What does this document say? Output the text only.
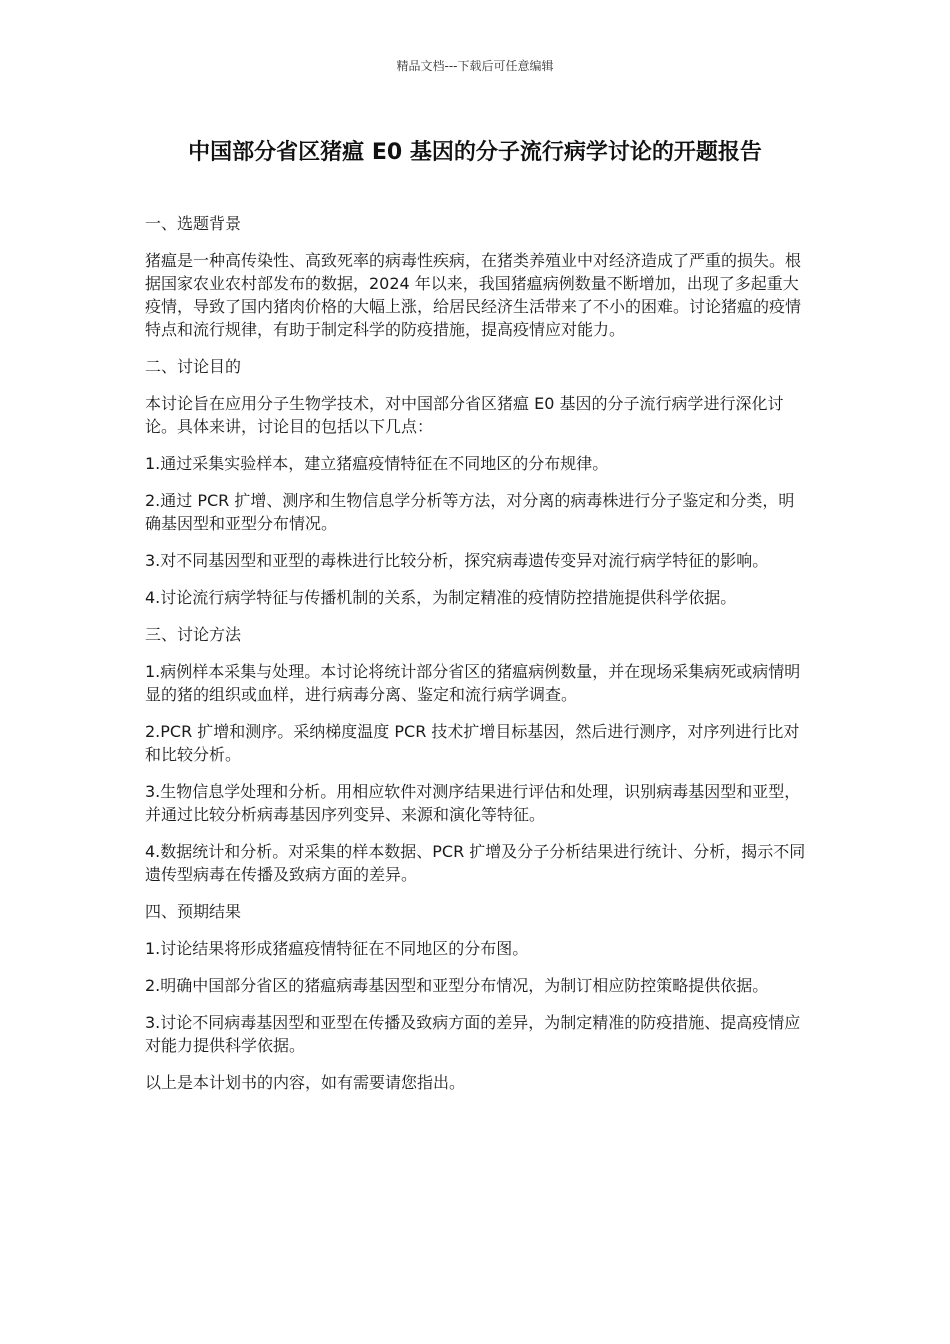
精品文档---下载后可任意编辑
中国部分省区猪瘟 E0 基因的分子流行病学讨论的开题报告

一、选题背景

猪瘟是一种高传染性、高致死率的病毒性疾病，在猪类养殖业中对经济造成了严重的损失。根据国家农业农村部发布的数据，2024 年以来，我国猪瘟病例数量不断增加，出现了多起重大疫情，导致了国内猪肉价格的大幅上涨，给居民经济生活带来了不小的困难。讨论猪瘟的疫情特点和流行规律，有助于制定科学的防疫措施，提高疫情应对能力。

二、讨论目的

本讨论旨在应用分子生物学技术，对中国部分省区猪瘟 E0 基因的分子流行病学进行深化讨论。具体来讲，讨论目的包括以下几点：

1.通过采集实验样本，建立猪瘟疫情特征在不同地区的分布规律。

2.通过 PCR 扩增、测序和生物信息学分析等方法，对分离的病毒株进行分子鉴定和分类，明确基因型和亚型分布情况。

3.对不同基因型和亚型的毒株进行比较分析，探究病毒遗传变异对流行病学特征的影响。

4.讨论流行病学特征与传播机制的关系，为制定精准的疫情防控措施提供科学依据。

三、讨论方法

1.病例样本采集与处理。本讨论将统计部分省区的猪瘟病例数量，并在现场采集病死或病情明显的猪的组织或血样，进行病毒分离、鉴定和流行病学调查。

2.PCR 扩增和测序。采纳梯度温度 PCR 技术扩增目标基因，然后进行测序，对序列进行比对和比较分析。

3.生物信息学处理和分析。用相应软件对测序结果进行评估和处理，识别病毒基因型和亚型，并通过比较分析病毒基因序列变异、来源和演化等特征。

4.数据统计和分析。对采集的样本数据、PCR 扩增及分子分析结果进行统计、分析，揭示不同遗传型病毒在传播及致病方面的差异。

四、预期结果

1.讨论结果将形成猪瘟疫情特征在不同地区的分布图。

2.明确中国部分省区的猪瘟病毒基因型和亚型分布情况，为制订相应防控策略提供依据。

3.讨论不同病毒基因型和亚型在传播及致病方面的差异，为制定精准的防疫措施、提高疫情应对能力提供科学依据。

以上是本计划书的内容，如有需要请您指出。
